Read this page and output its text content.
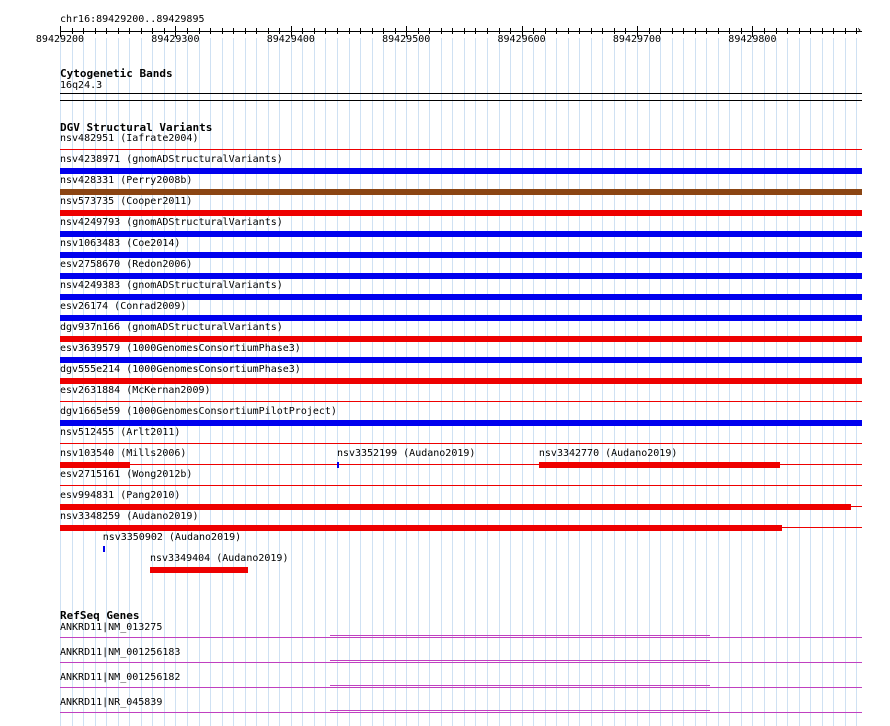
chr16:89429200..89429895
89429200	89429300	89429400	89429500	89429600	89429700	89429800
›
Cytogenetic Bands
16q24.3
DGV Structural Variants
nsv482951 (Iafrate2004)
nsv4238971 (gnomADStructuralVariants)
nsv428331 (Perry2008b)
nsv573735 (Cooper2011)
nsv4249793 (gnomADStructuralVariants)
nsv1063483 (Coe2014)
esv2758670 (Redon2006)
nsv4249383 (gnomADStructuralVariants)
esv26174 (Conrad2009)
dgv937n166 (gnomADStructuralVariants)
esv3639579 (1000GenomesConsortiumPhase3)
dgv555e214 (1000GenomesConsortiumPhase3)
esv2631884 (McKernan2009)
dgv1665e59 (1000GenomesConsortiumPilotProject)
nsv512455 (Arlt2011)
nsv103540 (Mills2006)	nsv3352199 (Audano2019)	nsv3342770 (Audano2019)
esv2715161 (Wong2012b)
esv994831 (Pang2010)
nsv3348259 (Audano2019)
nsv3350902 (Audano2019)
nsv3349404 (Audano2019)
RefSeq Genes
ANKRD11|NM_013275
ANKRD11|NM_001256183
ANKRD11|NM_001256182
ANKRD11|NR_045839
